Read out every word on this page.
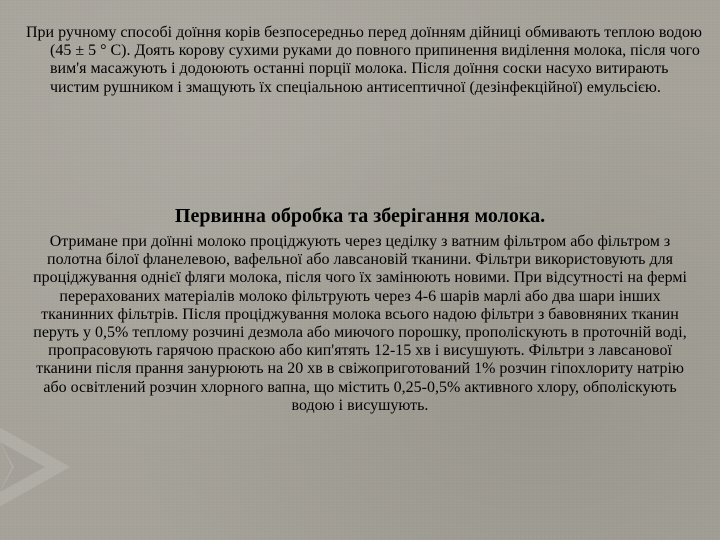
При ручному способі доїння корів безпосередньо перед доїнням дійниці обмивають теплою водою (45 ± 5 ° С). Доять корову сухими руками до повного припинення виділення молока, після чого вим'я масажують і додоюють останні порції молока. Після доїння соски насухо витирають чистим рушником і змащують їх спеціальною антисептичної (дезінфекційної) емульсією.

Первинна обробка та зберігання молока.

Отримане при доїнні молоко проціджують через цеділку з ватним фільтром або фільтром з полотна білої фланелевою, вафельної або лавсановій тканини. Фільтри використовують для проціджування однієї фляги молока, після чого їх замінюють новими. При відсутності на фермі перерахованих матеріалів молоко фільтрують через 4-6 шарів марлі або два шари інших тканинних фільтрів. Після проціджування молока всього надою фільтри з бавовняних тканин перуть у 0,5% теплому розчині дезмола або миючого порошку, прополіскують в проточній воді, пропрасовують гарячою праскою або кип'ятять 12-15 хв і висушують. Фільтри з лавсанової тканини після прання занурюють на 20 хв в свіжоприготований 1% розчин гіпохлориту натрію або освітлений розчин хлорного вапна, що містить 0,25-0,5% активного хлору, обполіскують водою і висушують.
